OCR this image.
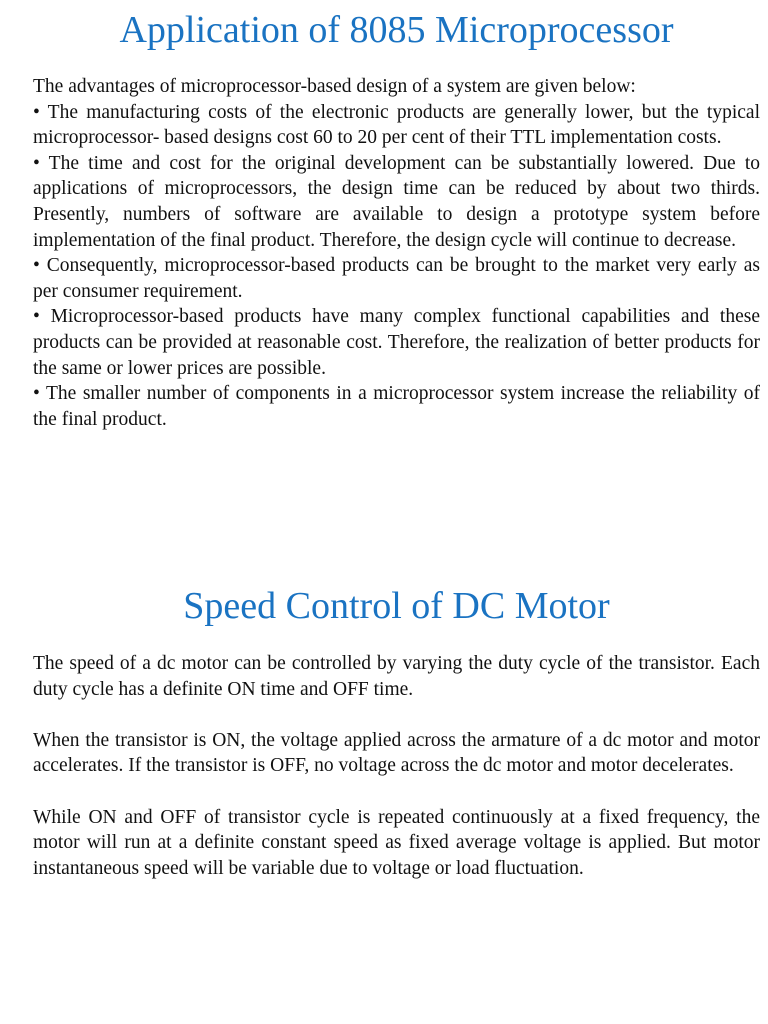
Application of 8085 Microprocessor

The advantages of microprocessor-based design of a system are given below:

• The manufacturing costs of the electronic products are generally lower, but the typical microprocessor- based designs cost 60 to 20 per cent of their TTL implementation costs.

• The time and cost for the original development can be substantially lowered. Due to applications of microprocessors, the design time can be reduced by about two thirds. Presently, numbers of software are available to design a prototype system before implementation of the final product. Therefore, the design cycle will continue to decrease.

• Consequently, microprocessor-based products can be brought to the market very early as per consumer requirement.

• Microprocessor-based products have many complex functional capabilities and these products can be provided at reasonable cost. Therefore, the realization of better products for the same or lower prices are possible.

• The smaller number of components in a microprocessor system increase the reliability of the final product.

Speed Control of DC Motor

The speed of a dc motor can be controlled by varying the duty cycle of the transistor. Each duty cycle has a definite ON time and OFF time.

When the transistor is ON, the voltage applied across the armature of a dc motor and motor accelerates. If the transistor is OFF, no voltage across the dc motor and motor decelerates.

While ON and OFF of transistor cycle is repeated continuously at a fixed frequency, the motor will run at a definite constant speed as fixed average voltage is applied. But motor instantaneous speed will be variable due to voltage or load fluctuation.
